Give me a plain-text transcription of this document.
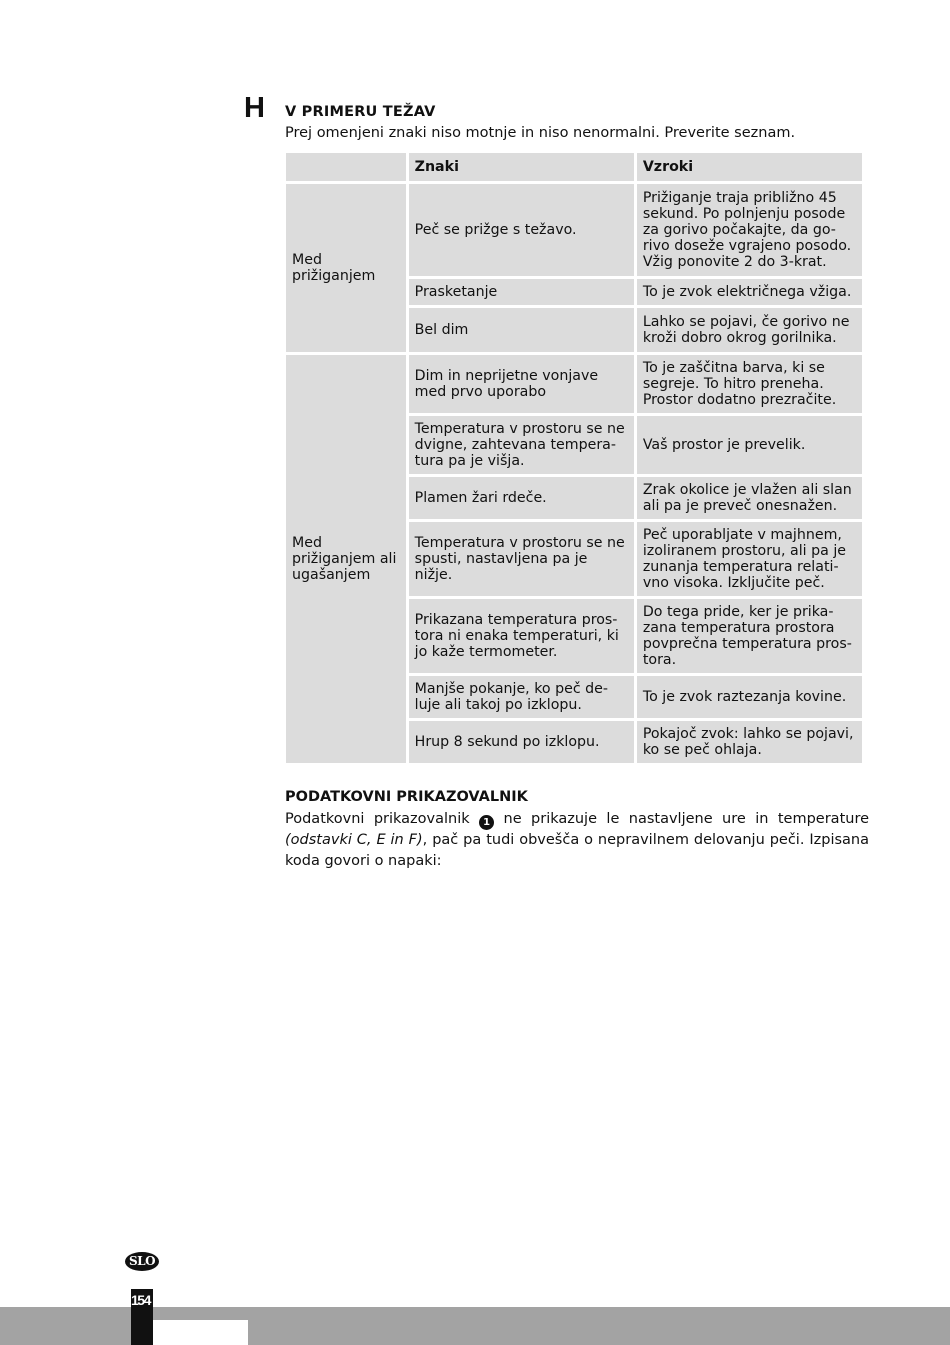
H V PRIMERU TEŽAV
Prej omenjeni znaki niso motnje in niso nenormalni. Preverite seznam.
	Znaki	Vzroki
Med prižiganjem	Peč se prižge s težavo.	Prižiganje traja približno 45 sekund. Po polnjenju posode za gorivo počakajte, da go-rivo doseže vgrajeno posodo. Vžig ponovite 2 do 3-krat.
	Prasketanje	To je zvok električnega vžiga.
	Bel dim	Lahko se pojavi, če gorivo ne kroži dobro okrog gorilnika.
Med prižiganjem ali ugašanjem	Dim in neprijetne vonjave med prvo uporabo	To je zaščitna barva, ki se segreje. To hitro preneha. Prostor dodatno prezračite.
	Temperatura v prostoru se ne dvigne, zahtevana tempera-tura pa je višja.	Vaš prostor je prevelik.
	Plamen žari rdeče.	Zrak okolice je vlažen ali slan ali pa je preveč onesnažen.
	Temperatura v prostoru se ne spusti, nastavljena pa je nižje.	Peč uporabljate v majhnem, izoliranem prostoru, ali pa je zunanja temperatura relati-vno visoka. Izključite peč.
	Prikazana temperatura pros-tora ni enaka temperaturi, ki jo kaže termometer.	Do tega pride, ker je prika-zana temperatura prostora povprečna temperatura pros-tora.
	Manjše pokanje, ko peč de-luje ali takoj po izklopu.	To je zvok raztezanja kovine.
	Hrup 8 sekund po izklopu.	Pokajoč zvok: lahko se pojavi, ko se peč ohlaja.
PODATKOVNI PRIKAZOVALNIK
Podatkovni prikazovalnik 1 ne prikazuje le nastavljene ure in temperature (odstavki C, E in F), pač pa tudi obvešča o nepravilnem delovanju peči. Izpisana koda govori o napaki:
SLO
154
